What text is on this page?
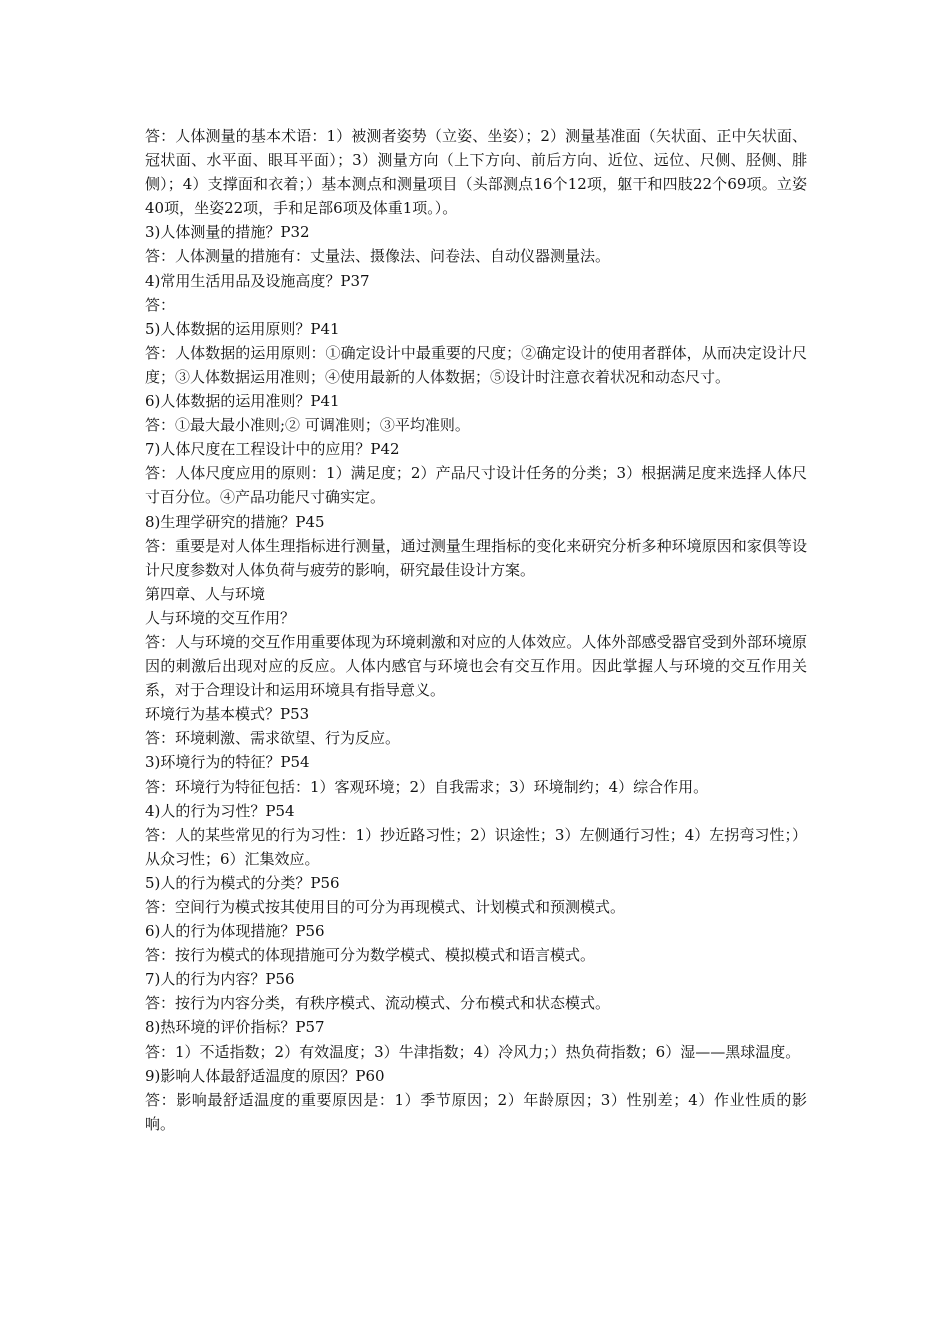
答：人体测量的基本术语：1）被测者姿势（立姿、坐姿）；2）测量基准面（矢状面、正中矢状面、冠状面、水平面、眼耳平面）；3）测量方向（上下方向、前后方向、近位、远位、尺侧、胫侧、腓侧）；4）支撑面和衣着；）基本测点和测量项目（头部测点16个12项，躯干和四肢22个69项。立姿40项，坐姿22项，手和足部6项及体重1项。）。

3)人体测量的措施？P32

答：人体测量的措施有：丈量法、摄像法、问卷法、自动仪器测量法。

4)常用生活用品及设施高度？P37

答：

5)人体数据的运用原则？P41

答：人体数据的运用原则：①确定设计中最重要的尺度；②确定设计的使用者群体，从而决定设计尺度；③人体数据运用准则；④使用最新的人体数据；⑤设计时注意衣着状况和动态尺寸。

6)人体数据的运用准则？P41

答：①最大最小准则;② 可调准则；③平均准则。

7)人体尺度在工程设计中的应用？P42

答：人体尺度应用的原则：1）满足度；2）产品尺寸设计任务的分类；3）根据满足度来选择人体尺寸百分位。④产品功能尺寸确实定。

8)生理学研究的措施？P45

答：重要是对人体生理指标进行测量，通过测量生理指标的变化来研究分析多种环境原因和家俱等设计尺度参数对人体负荷与疲劳的影响，研究最佳设计方案。

第四章、人与环境

人与环境的交互作用？

答：人与环境的交互作用重要体现为环境刺激和对应的人体效应。人体外部感受器官受到外部环境原因的刺激后出现对应的反应。人体内感官与环境也会有交互作用。因此掌握人与环境的交互作用关系，对于合理设计和运用环境具有指导意义。

环境行为基本模式？P53

答：环境刺激、需求欲望、行为反应。

3)环境行为的特征？P54

答：环境行为特征包括：1）客观环境；2）自我需求；3）环境制约；4）综合作用。

4)人的行为习性？P54

答：人的某些常见的行为习性：1）抄近路习性；2）识途性；3）左侧通行习性；4）左拐弯习性；）从众习性；6）汇集效应。

5)人的行为模式的分类？P56

答：空间行为模式按其使用目的可分为再现模式、计划模式和预测模式。

6)人的行为体现措施？P56

答：按行为模式的体现措施可分为数学模式、模拟模式和语言模式。

7)人的行为内容？P56

答：按行为内容分类，有秩序模式、流动模式、分布模式和状态模式。

8)热环境的评价指标？P57

答：1）不适指数；2）有效温度；3）牛津指数；4）冷风力；）热负荷指数；6）湿——黑球温度。

9)影响人体最舒适温度的原因？P60

答：影响最舒适温度的重要原因是：1）季节原因；2）年龄原因；3）性别差；4）作业性质的影响。
